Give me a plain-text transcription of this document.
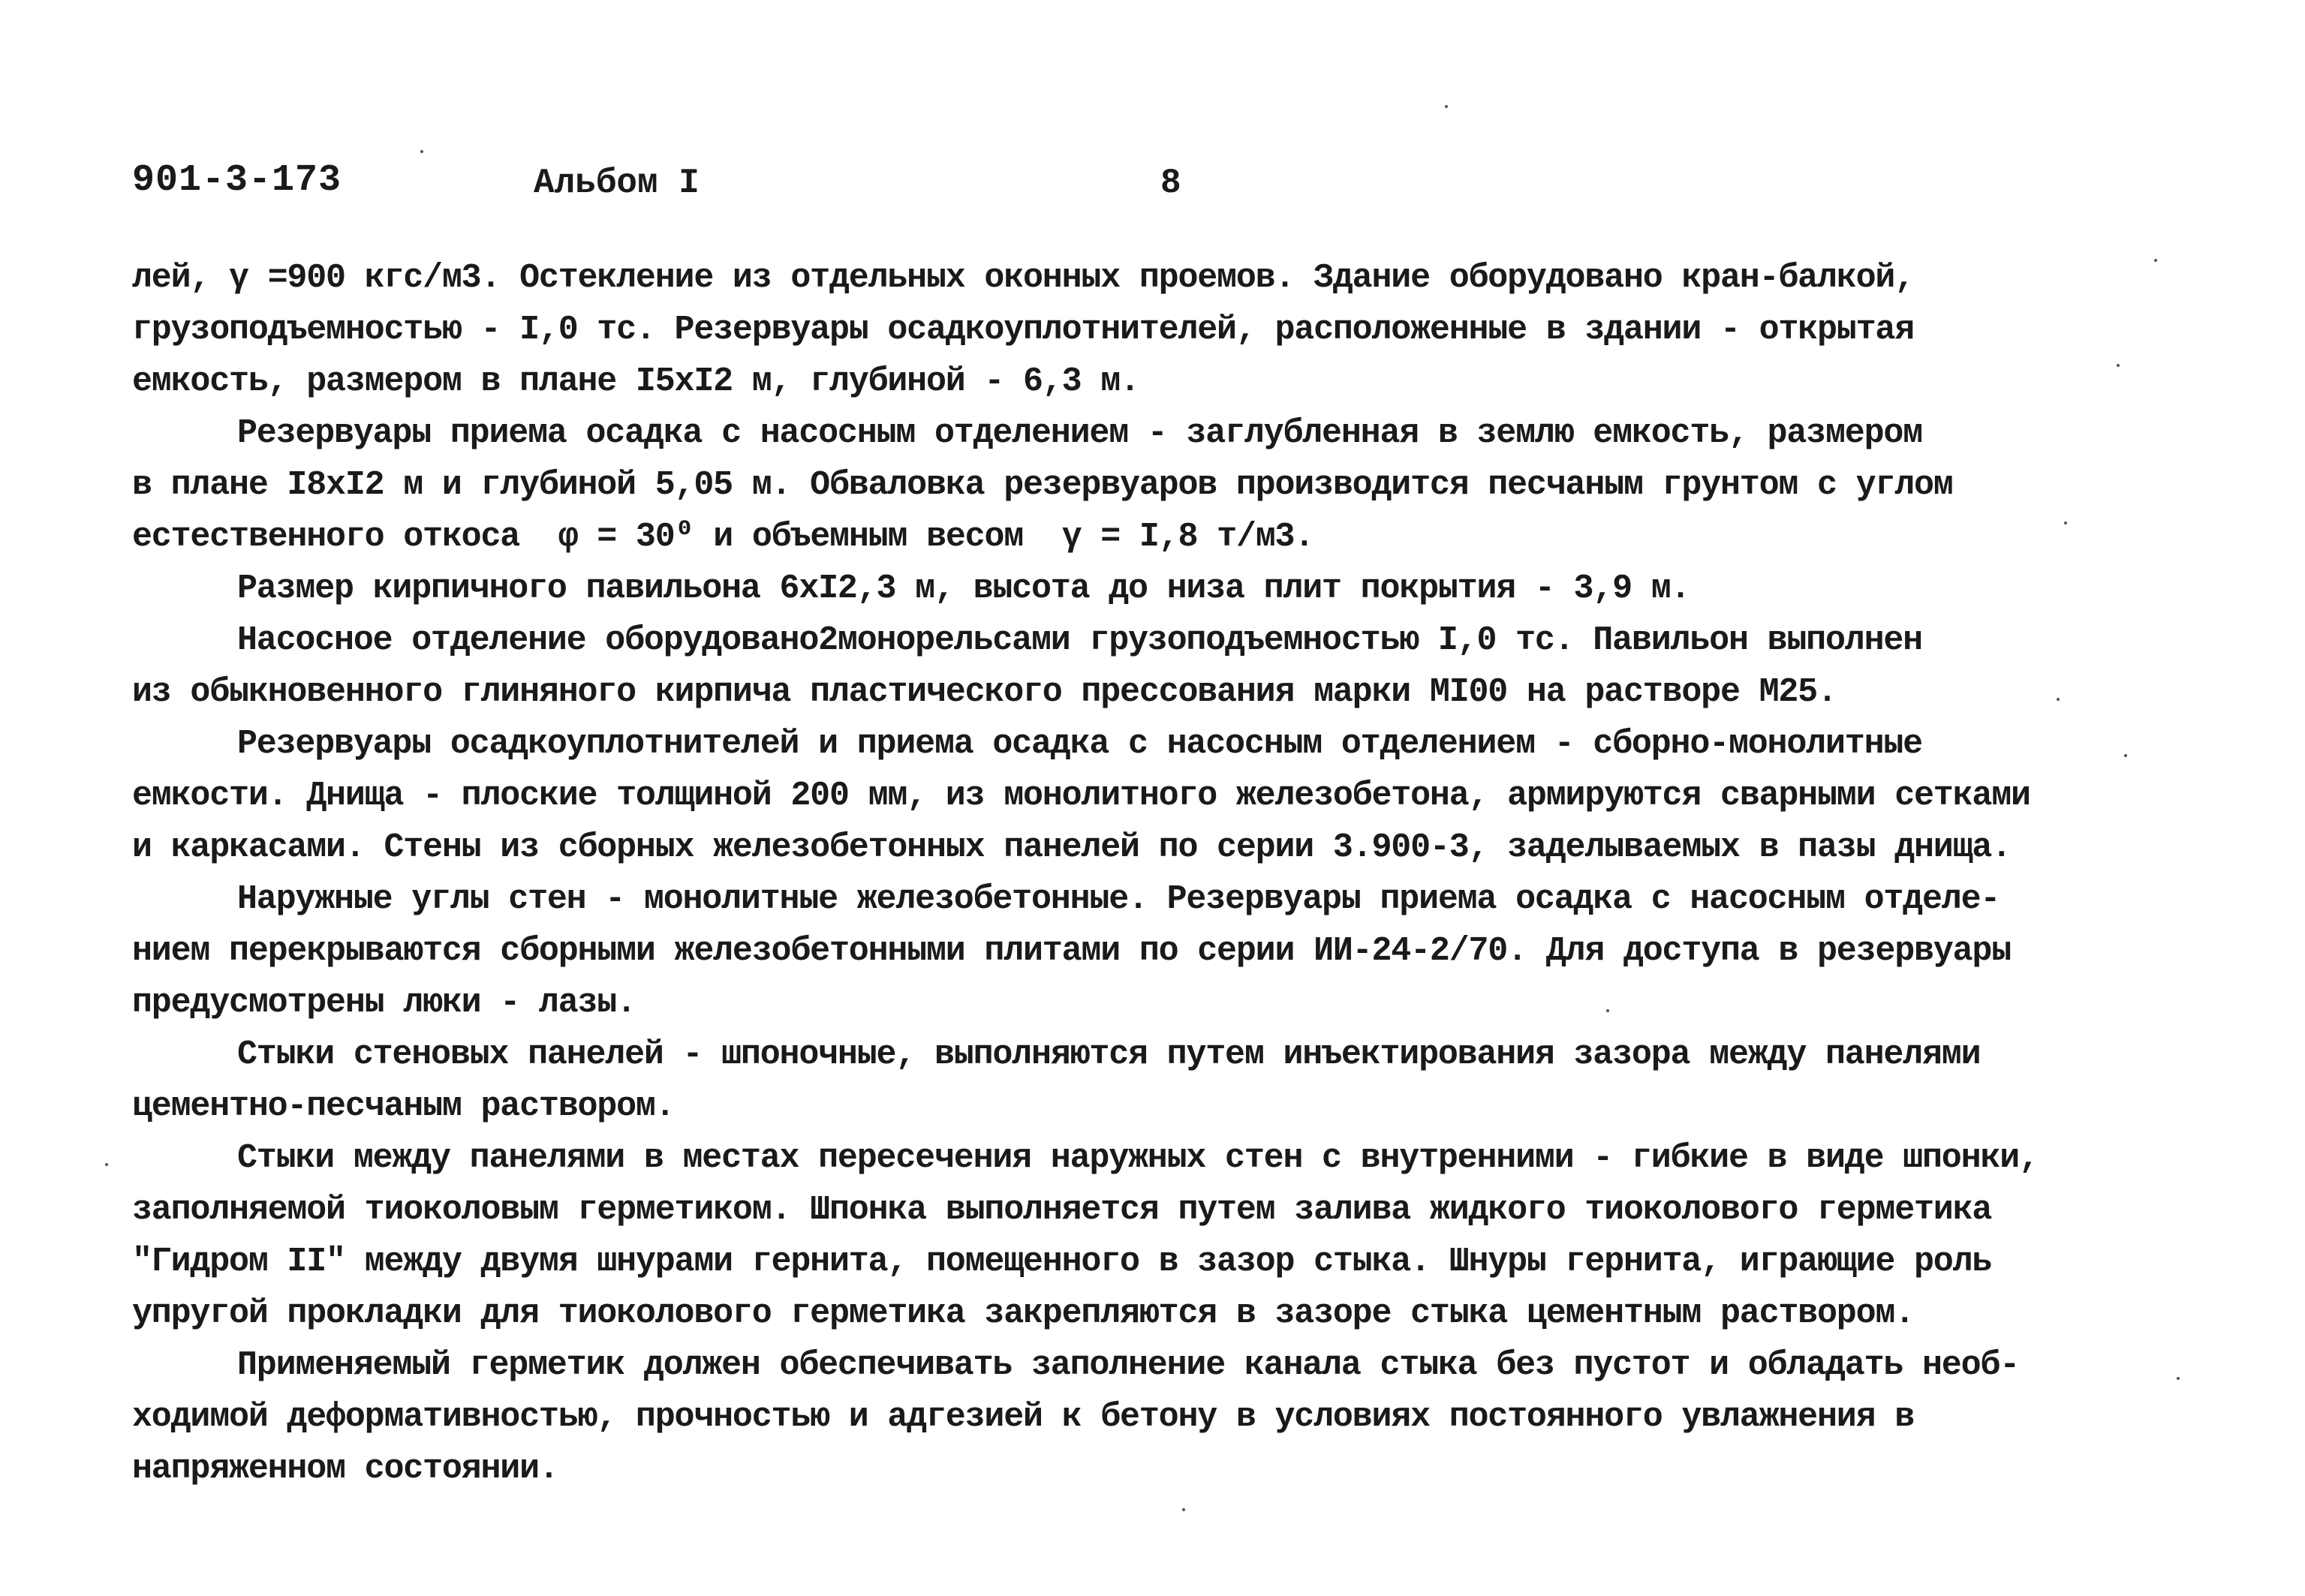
901-3-173	Альбом I	8
лей, γ =900 кгс/м3. Остекление из отдельных оконных проемов. Здание оборудовано кран-балкой,
грузоподъемностью - I,0 тс. Резервуары осадкоуплотнителей, расположенные в здании - открытая
емкость, размером в плане I5xI2 м, глубиной - 6,3 м.
Резервуары приема осадка с насосным отделением - заглубленная в землю емкость, размером
в плане I8xI2 м и глубиной 5,05 м. Обваловка резервуаров производится песчаным грунтом с углом
естественного откоса  φ = 30⁰ и объемным весом  γ = I,8 т/м3.
Размер кирпичного павильона 6xI2,3 м, высота до низа плит покрытия - 3,9 м.
Насосное отделение оборудовано2монорельсами грузоподъемностью I,0 тс. Павильон выполнен
из обыкновенного глиняного кирпича пластического прессования марки MI00 на растворе M25.
Резервуары осадкоуплотнителей и приема осадка с насосным отделением - сборно-монолитные
емкости. Днища - плоские толщиной 200 мм, из монолитного железобетона, армируются сварными сетками
и каркасами. Стены из сборных железобетонных панелей по серии 3.900-3, заделываемых в пазы днища.
Наружные углы стен - монолитные железобетонные. Резервуары приема осадка с насосным отделе-
нием перекрываются сборными железобетонными плитами по серии ИИ-24-2/70. Для доступа в резервуары
предусмотрены люки - лазы.
Стыки стеновых панелей - шпоночные, выполняются путем инъектирования зазора между панелями
цементно-песчаным раствором.
Стыки между панелями в местах пересечения наружных стен с внутренними - гибкие в виде шпонки,
заполняемой тиоколовым герметиком. Шпонка выполняется путем залива жидкого тиоколового герметика
"Гидром II" между двумя шнурами гернита, помещенного в зазор стыка. Шнуры гернита, играющие роль
упругой прокладки для тиоколового герметика закрепляются в зазоре стыка цементным раствором.
Применяемый герметик должен обеспечивать заполнение канала стыка без пустот и обладать необ-
ходимой деформативностью, прочностью и адгезией к бетону в условиях постоянного увлажнения в
напряженном состоянии.
